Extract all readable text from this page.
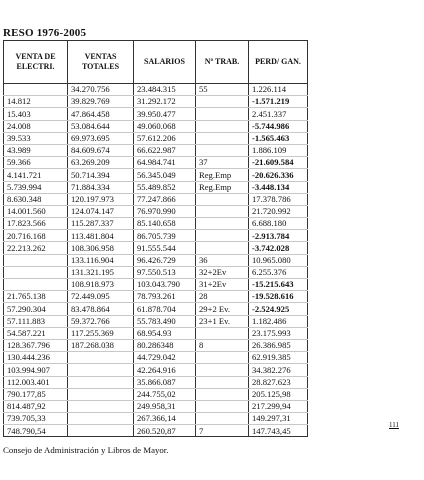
RESO 1976-2005
VENTA DE ELECTRI.	VENTAS TOTALES	SALARIOS	Nº TRAB.	PERD/ GAN.
	34.270.756	23.484.315	55	1.226.114
14.812	39.829.769	31.292.172		-1.571.219
15.403	47.864.458	39.950.477		2.451.337
24.008	53.084.644	49.060.068		-5.744.986
39.533	69.973.695	57.612.206		-1.565.463
43.989	84.609.674	66.622.987		1.886.109
59.366	63.269.209	64.984.741	37	-21.609.584
4.141.721	50.714.394	56.345.049	Reg.Emp	-20.626.336
5.739.994	71.884.334	55.489.852	Reg.Emp	-3.448.134
8.630.348	120.197.973	77.247.866		17.378.786
14.001.560	124.074.147	76.970.990		21.720.992
17.823.566	115.287.337	85.140.658		6.688.180
20.716.168	113.481.804	86.705.739		-2.913.784
22.213.262	108.306.958	91.555.544		-3.742.028
	133.116.904	96.426.729	36	10.965.080
	131.321.195	97.550.513	32+2Ev	6.255.376
	108.918.973	103.043.790	31+2Ev	-15.215.643
21.765.138	72.449.095	78.793.261	28	-19.528.616
57.290.304	83.478.864	61.878.704	29+2 Ev.	-2.524.925
57.111.883	59.372.766	55.783.490	23+1 Ev.	1.182.486
54.587.221	117.255.369	68.954.93		23.175.993
128.367.796	187.268.038	80.286348	8	26.386.985
130.444.236		44.729.042		62.919.385
103.994.907		42.264.916		34.382.276
112.003.401		35.866.087		28.827.623
790.177,85		244.755,02		205.125,98
814.487,92		249.958,31		217.299,94
739.705,33		267.366,14		149.297,31
748.790,54		260.520,87	7	147.743,45
Consejo de Administración y Libros de Mayor.
111
